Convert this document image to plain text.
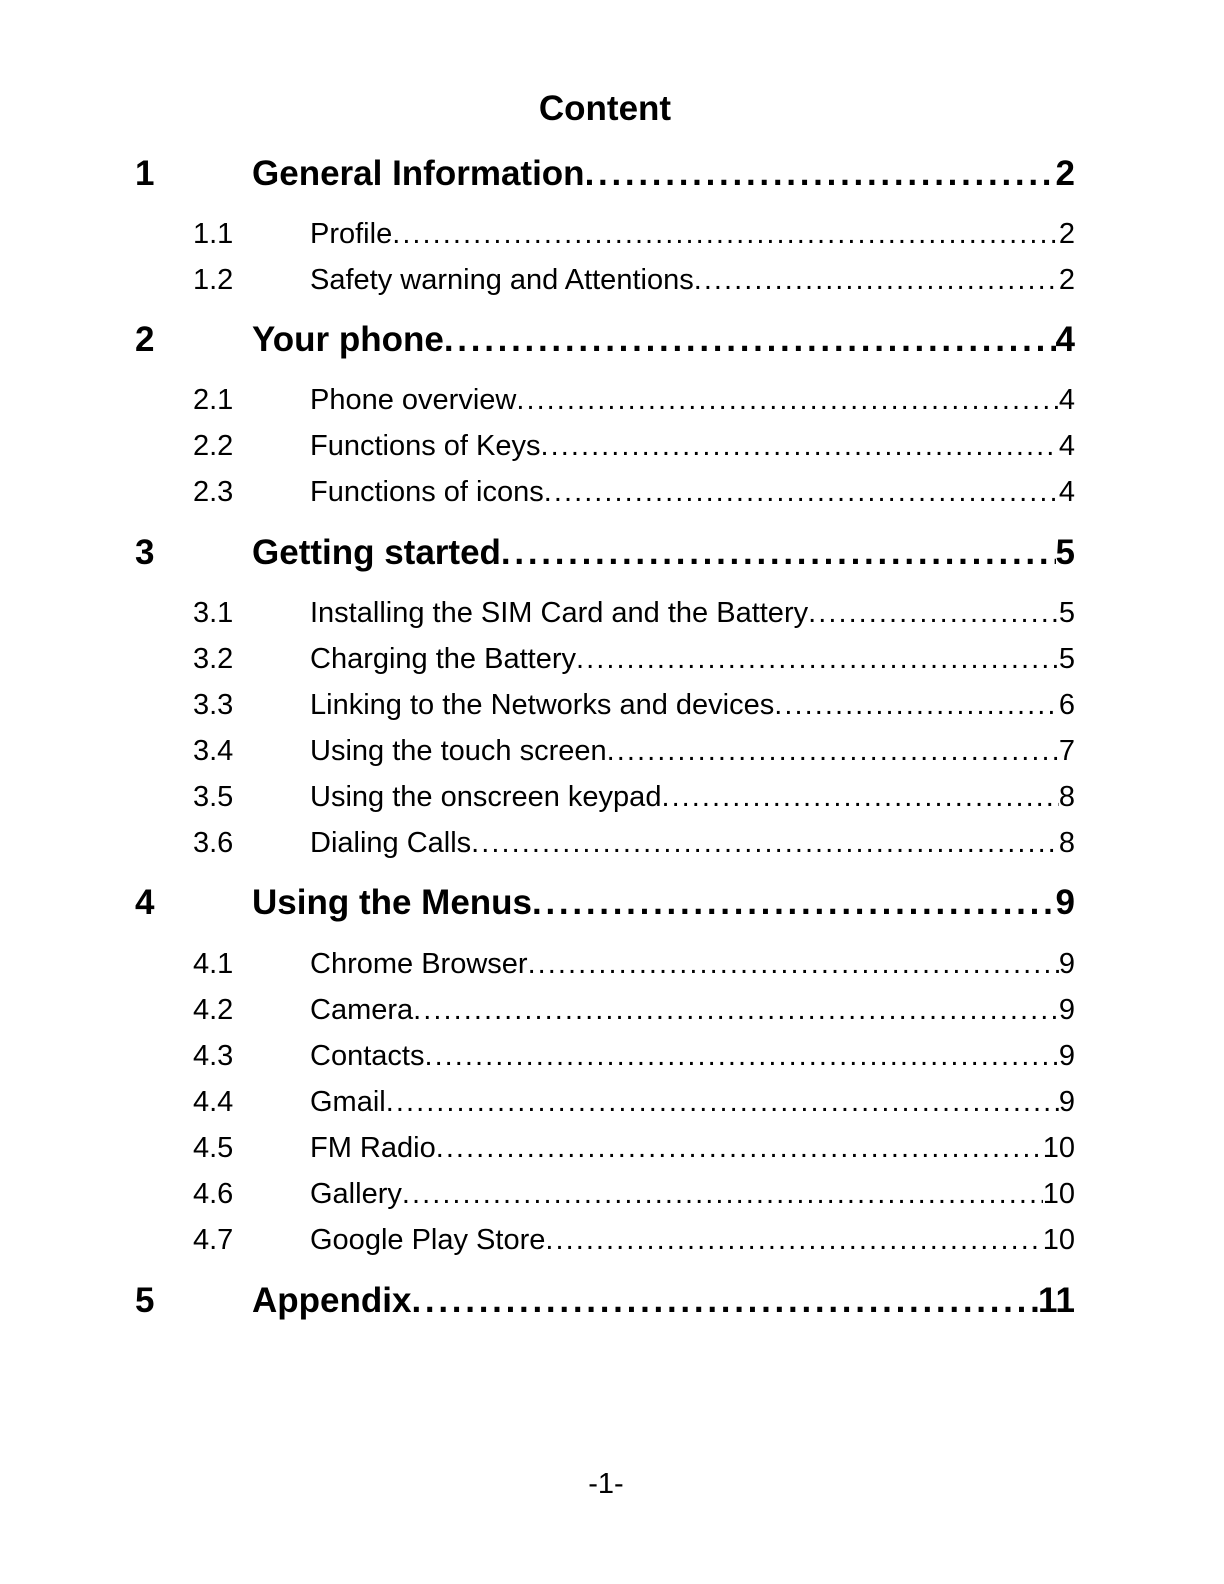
Content
1	General Information . . .	2
1.1	Profile . . .	2
1.2	Safety warning and Attentions . . .	2
2	Your phone . . .	4
2.1	Phone overview . . .	4
2.2	Functions of Keys . . .	4
2.3	Functions of icons . . .	4
3	Getting started . . .	5
3.1	Installing the SIM Card and the Battery . . .	5
3.2	Charging the Battery . . .	5
3.3	Linking to the Networks and devices . . .	6
3.4	Using the touch screen . . .	7
3.5	Using the onscreen keypad . . .	8
3.6	Dialing Calls . . .	8
4	Using the Menus . . .	9
4.1	Chrome Browser . . .	9
4.2	Camera . . .	9
4.3	Contacts . . .	9
4.4	Gmail . . .	9
4.5	FM Radio . . .	10
4.6	Gallery . . .	10
4.7	Google Play Store . . .	10
5	Appendix . . .	11
-1-
